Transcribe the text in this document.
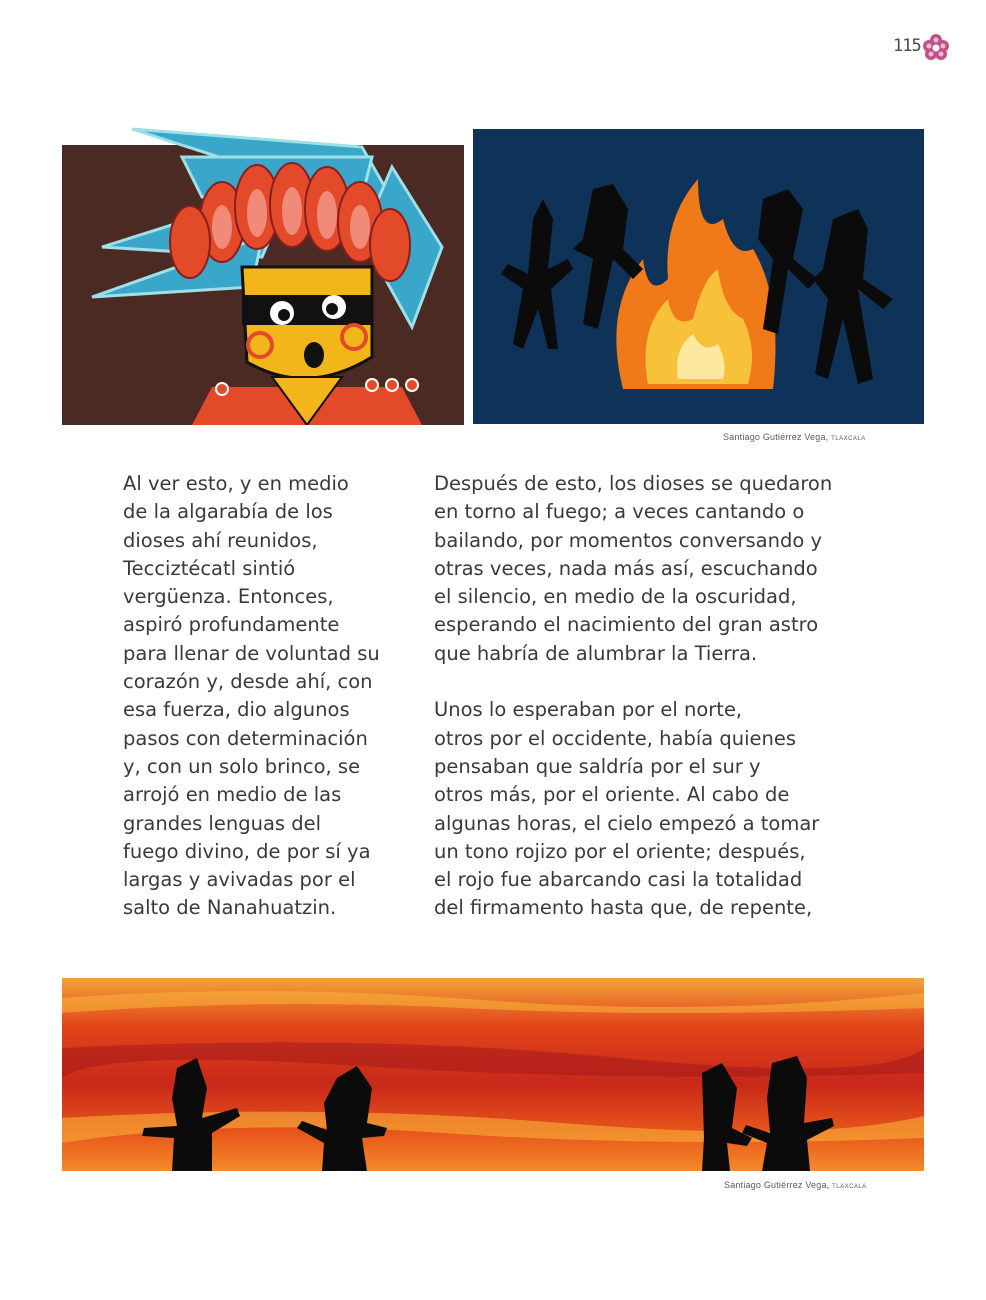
115
Santiago Gutiérrez Vega, TLAXCALA

Al ver esto, y en medio

de la algarabía de los

dioses ahí reunidos,

Tecciztécatl sintió

vergüenza. Entonces,

aspiró profundamente

para llenar de voluntad su

corazón y, desde ahí, con

esa fuerza, dio algunos

pasos con determinación

y, con un solo brinco, se

arrojó en medio de las

grandes lenguas del

fuego divino, de por sí ya

largas y avivadas por el

salto de Nanahuatzin.

Después de esto, los dioses se quedaron

en torno al fuego; a veces cantando o

bailando, por momentos conversando y

otras veces, nada más así, escuchando

el silencio, en medio de la oscuridad,

esperando el nacimiento del gran astro

que habría de alumbrar la Tierra.

Unos lo esperaban por el norte,

otros por el occidente, había quienes

pensaban que saldría por el sur y

otros más, por el oriente. Al cabo de

algunas horas, el cielo empezó a tomar

un tono rojizo por el oriente; después,

el rojo fue abarcando casi la totalidad

del firmamento hasta que, de repente,

Santiago Gutiérrez Vega, TLAXCALA
